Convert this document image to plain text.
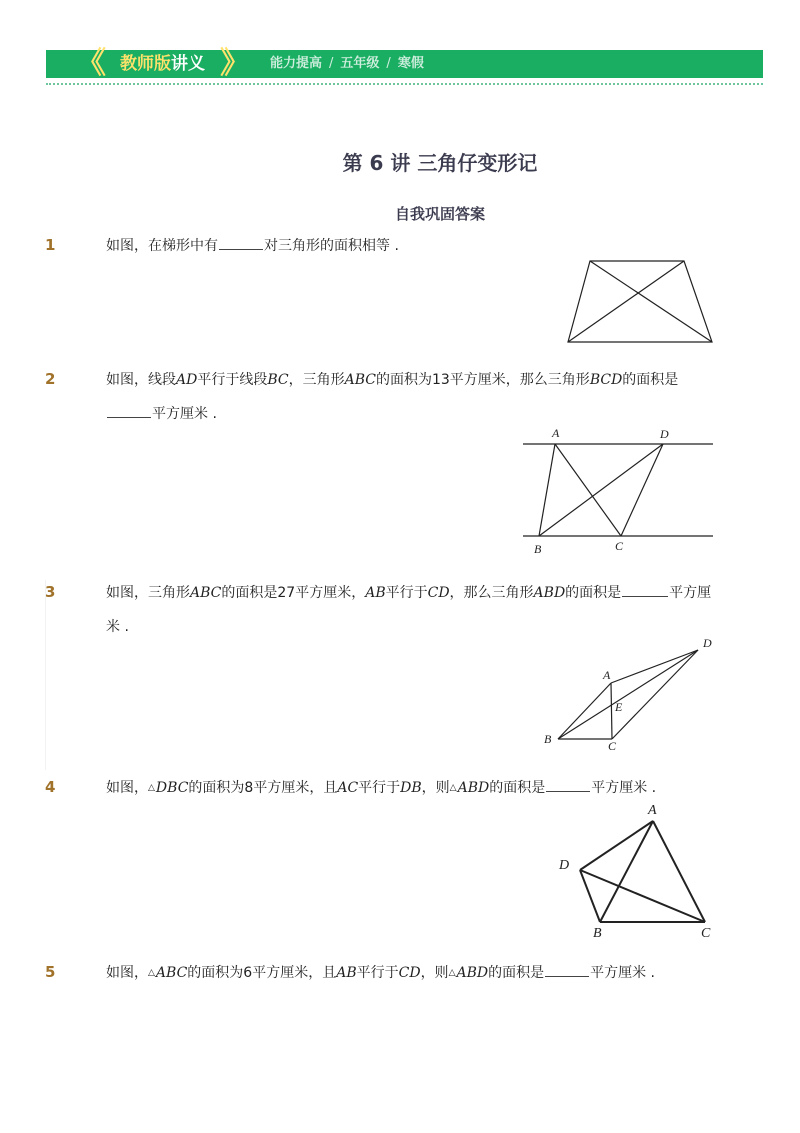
《 教师版讲义 》 能力提高 / 五年级 / 寒假
第 6 讲 三角仔变形记
自我巩固答案
1	如图，在梯形中有	对三角形的面积相等 .
2	如图，线段AD平行于线段BC，三角形ABC的面积为13平方厘米，那么三角形BCD的面积是
平方厘米 .
A	D
B	C
3	如图，三角形ABC的面积是27平方厘米，AB平行于CD，那么三角形ABD的面积是	平方厘
米 .
D
A
E
B	C
4	如图，△DBC的面积为8平方厘米，且AC平行于DB，则△ABD的面积是	平方厘米 .
A
D
B	C
5	如图，△ABC的面积为6平方厘米，且AB平行于CD，则△ABD的面积是	平方厘米 .
